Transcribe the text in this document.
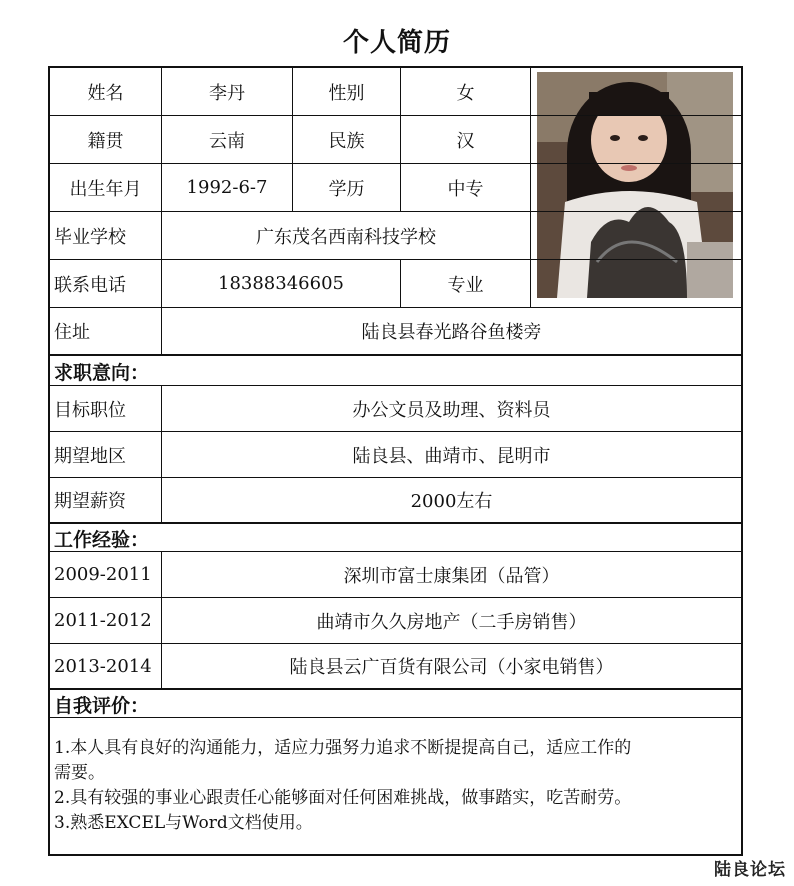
个人简历
姓名	李丹	性别	女
籍贯	云南	民族	汉
出生年月	1992-6-7	学历	中专
毕业学校	广东茂名西南科技学校
联系电话	18388346605	专业
住址	陆良县春光路谷鱼楼旁
求职意向：
目标职位	办公文员及助理、资料员
期望地区	陆良县、曲靖市、昆明市
期望薪资	2000左右
工作经验：
2009-2011	深圳市富士康集团（品管）
2011-2012	曲靖市久久房地产（二手房销售）
2013-2014	陆良县云广百货有限公司（小家电销售）
自我评价：
1.本人具有良好的沟通能力，适应力强努力追求不断提提高自己，适应工作的
需要。
2.具有较强的事业心跟责任心能够面对任何困难挑战，做事踏实，吃苦耐劳。
3.熟悉EXCEL与Word文档使用。
陆良论坛
